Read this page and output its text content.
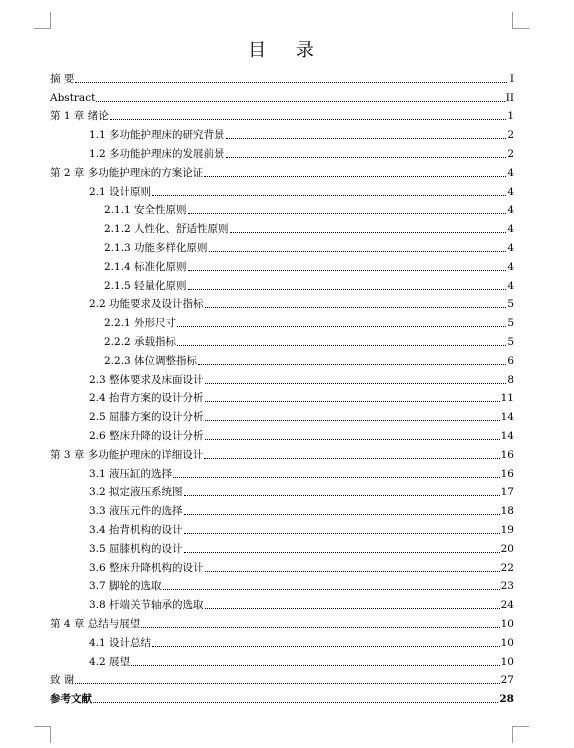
目 录
摘 要	I
Abstract	II
第 1 章 绪论	1
1.1 多功能护理床的研究背景	2
1.2 多功能护理床的发展前景	2
第 2 章 多功能护理床的方案论证	4
2.1 设计原则	4
2.1.1 安全性原则	4
2.1.2 人性化、舒适性原则	4
2.1.3 功能多样化原则	4
2.1.4 标准化原则	4
2.1.5 轻量化原则	4
2.2 功能要求及设计指标	5
2.2.1 外形尺寸	5
2.2.2 承载指标	5
2.2.3 体位调整指标	6
2.3 整体要求及床面设计	8
2.4 抬背方案的设计分析	11
2.5 屈膝方案的设计分析	14
2.6 整床升降的设计分析	14
第 3 章 多功能护理床的详细设计	16
3.1 液压缸的选择	16
3.2 拟定液压系统图	17
3.3 液压元件的选择	18
3.4 抬背机构的设计	19
3.5 屈膝机构的设计	20
3.6 整床升降机构的设计	22
3.7 脚轮的选取	23
3.8 杆端关节轴承的选取	24
第 4 章 总结与展望	10
4.1 设计总结	10
4.2 展望	10
致 谢	27
参考文献	28
